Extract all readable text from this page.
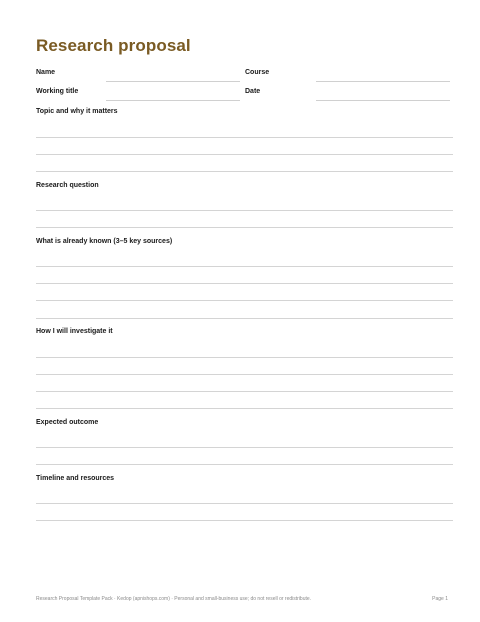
Research proposal
Name	Course
Working title	Date
Topic and why it matters
Research question
What is already known (3–5 key sources)
How I will investigate it
Expected outcome
Timeline and resources
Research Proposal Template Pack · Kedop (apnishops.com) · Personal and small-business use; do not resell or redistribute.	Page 1
